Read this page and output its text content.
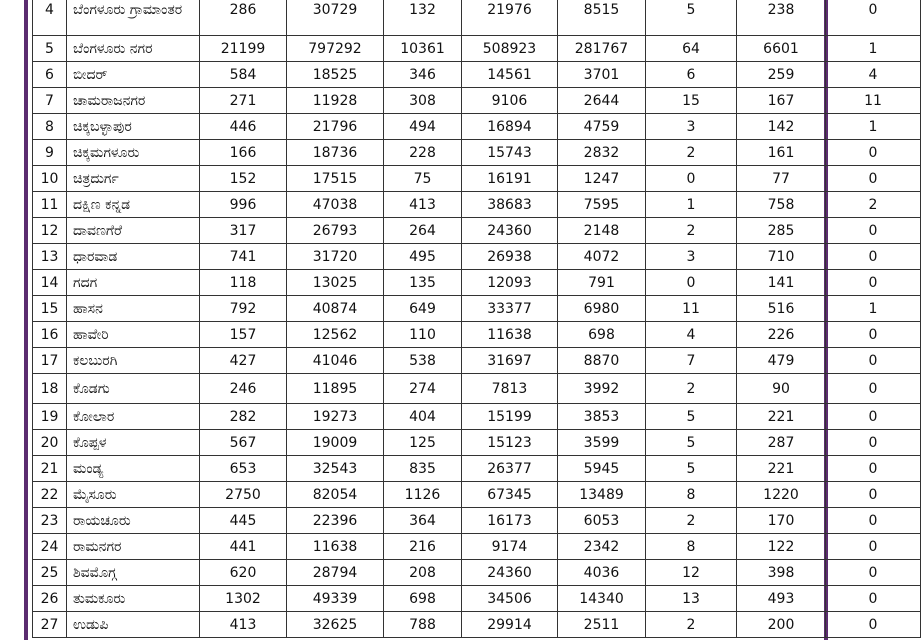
4	ಬೆಂಗಳೂರು ಗ್ರಾಮಾಂತರ	286	30729	132	21976	8515	5	238	0
5	ಬೆಂಗಳೂರು ನಗರ	21199	797292	10361	508923	281767	64	6601	1
6	ಬೀದರ್	584	18525	346	14561	3701	6	259	4
7	ಚಾಮರಾಜನಗರ	271	11928	308	9106	2644	15	167	11
8	ಚಿಕ್ಕಬಳ್ಳಾಪುರ	446	21796	494	16894	4759	3	142	1
9	ಚಿಕ್ಕಮಗಳೂರು	166	18736	228	15743	2832	2	161	0
10	ಚಿತ್ರದುರ್ಗ	152	17515	75	16191	1247	0	77	0
11	ದಕ್ಷಿಣ ಕನ್ನಡ	996	47038	413	38683	7595	1	758	2
12	ದಾವಣಗೆರೆ	317	26793	264	24360	2148	2	285	0
13	ಧಾರವಾಡ	741	31720	495	26938	4072	3	710	0
14	ಗದಗ	118	13025	135	12093	791	0	141	0
15	ಹಾಸನ	792	40874	649	33377	6980	11	516	1
16	ಹಾವೇರಿ	157	12562	110	11638	698	4	226	0
17	ಕಲಬುರಗಿ	427	41046	538	31697	8870	7	479	0
18	ಕೊಡಗು	246	11895	274	7813	3992	2	90	0
19	ಕೋಲಾರ	282	19273	404	15199	3853	5	221	0
20	ಕೊಪ್ಪಳ	567	19009	125	15123	3599	5	287	0
21	ಮಂಡ್ಯ	653	32543	835	26377	5945	5	221	0
22	ಮೈಸೂರು	2750	82054	1126	67345	13489	8	1220	0
23	ರಾಯಚೂರು	445	22396	364	16173	6053	2	170	0
24	ರಾಮನಗರ	441	11638	216	9174	2342	8	122	0
25	ಶಿವಮೊಗ್ಗ	620	28794	208	24360	4036	12	398	0
26	ತುಮಕೂರು	1302	49339	698	34506	14340	13	493	0
27	ಉಡುಪಿ	413	32625	788	29914	2511	2	200	0
